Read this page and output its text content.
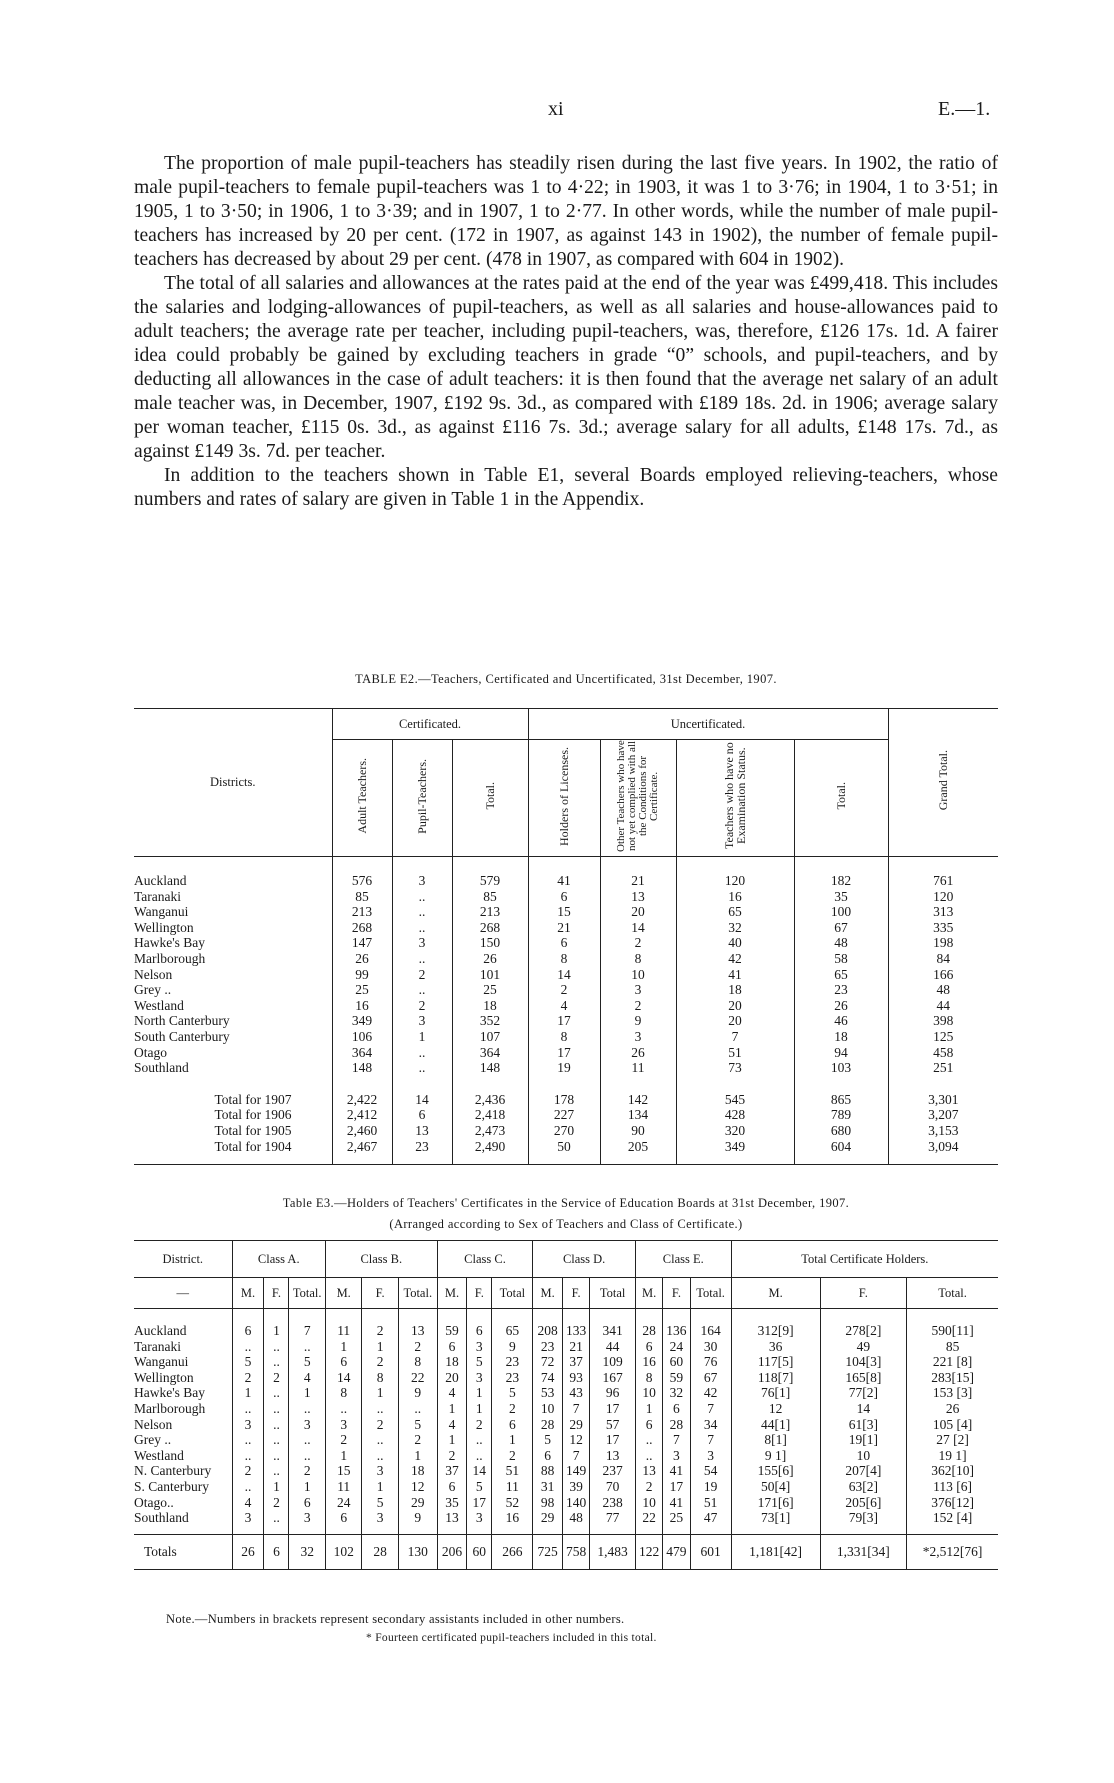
xi	E.—1.

The proportion of male pupil-teachers has steadily risen during the last five years. In 1902, the ratio of male pupil-teachers to female pupil-teachers was 1 to 4·22; in 1903, it was 1 to 3·76; in 1904, 1 to 3·51; in 1905, 1 to 3·50; in 1906, 1 to 3·39; and in 1907, 1 to 2·77. In other words, while the number of male pupil-teachers has increased by 20 per cent. (172 in 1907, as against 143 in 1902), the number of female pupil-teachers has decreased by about 29 per cent. (478 in 1907, as compared with 604 in 1902).

The total of all salaries and allowances at the rates paid at the end of the year was £499,418. This includes the salaries and lodging-allowances of pupil-teachers, as well as all salaries and house-allowances paid to adult teachers; the average rate per teacher, including pupil-teachers, was, therefore, £126 17s. 1d. A fairer idea could probably be gained by excluding teachers in grade “0” schools, and pupil-teachers, and by deducting all allowances in the case of adult teachers: it is then found that the average net salary of an adult male teacher was, in December, 1907, £192 9s. 3d., as compared with £189 18s. 2d. in 1906; average salary per woman teacher, £115 0s. 3d., as against £116 7s. 3d.; average salary for all adults, £148 17s. 7d., as against £149 3s. 7d. per teacher.

In addition to the teachers shown in Table E1, several Boards employed relieving-teachers, whose numbers and rates of salary are given in Table 1 in the Appendix.

TABLE E2.—Teachers, Certificated and Uncertificated, 31st December, 1907.
Districts.	Certificated.			Uncertificated.				Grand Total.
	Adult Teachers.	Pupil-Teachers.	Total.	Holders of Licenses.	Other Teachers who have not yet complied with all the Conditions for Certificate.	Teachers who have no Examination Status.	Total.	

Auckland	576	3	579	41	21	120	182	761
Taranaki	85	..	85	6	13	16	35	120
Wanganui	213	..	213	15	20	65	100	313
Wellington	268	..	268	21	14	32	67	335
Hawke's Bay	147	3	150	6	2	40	48	198
Marlborough	26	..	26	8	8	42	58	84
Nelson	99	2	101	14	10	41	65	166
Grey ..	25	..	25	2	3	18	23	48
Westland	16	2	18	4	2	20	26	44
North Canterbury	349	3	352	17	9	20	46	398
South Canterbury	106	1	107	8	3	7	18	125
Otago	364	..	364	17	26	51	94	458
Southland	148	..	148	19	11	73	103	251

Total for 1907	2,422	14	2,436	178	142	545	865	3,301
Total for 1906	2,412	6	2,418	227	134	428	789	3,207
Total for 1905	2,460	13	2,473	270	90	320	680	3,153
Total for 1904	2,467	23	2,490	50	205	349	604	3,094

Table E3.—Holders of Teachers' Certificates in the Service of Education Boards at 31st December, 1907.
(Arranged according to Sex of Teachers and Class of Certificate.)
District.	Class A.			Class B.			Class C.			Class D.			Class E.			Total Certificate Holders.		
—	M.	F.	Total.	M.	F.	Total.	M.	F.	Total	M.	F.	Total	M.	F.	Total.	M.	F.	Total.

Auckland	6	1	7	11	2	13	59	6	65	208	133	341	28	136	164	312[9]	278[2]	590[11]
Taranaki	..	..	..	1	1	2	6	3	9	23	21	44	6	24	30	36	49	85
Wanganui	5	..	5	6	2	8	18	5	23	72	37	109	16	60	76	117[5]	104[3]	221 [8]
Wellington	2	2	4	14	8	22	20	3	23	74	93	167	8	59	67	118[7]	165[8]	283[15]
Hawke's Bay	1	..	1	8	1	9	4	1	5	53	43	96	10	32	42	76[1]	77[2]	153 [3]
Marlborough	..	..	..	..	..	..	1	1	2	10	7	17	1	6	7	12	14	26
Nelson	3	..	3	3	2	5	4	2	6	28	29	57	6	28	34	44[1]	61[3]	105 [4]
Grey ..	..	..	..	2	..	2	1	..	1	5	12	17	..	7	7	8[1]	19[1]	27 [2]
Westland	..	..	..	1	..	1	2	..	2	6	7	13	..	3	3	9 1]	10	19 1]
N. Canterbury	2	..	2	15	3	18	37	14	51	88	149	237	13	41	54	155[6]	207[4]	362[10]
S. Canterbury	..	1	1	11	1	12	6	5	11	31	39	70	2	17	19	50[4]	63[2]	113 [6]
Otago..	4	2	6	24	5	29	35	17	52	98	140	238	10	41	51	171[6]	205[6]	376[12]
Southland	3	..	3	6	3	9	13	3	16	29	48	77	22	25	47	73[1]	79[3]	152 [4]

Totals	26	6	32	102	28	130	206	60	266	725	758	1,483	122	479	601	1,181[42]	1,331[34]	*2,512[76]
Note.—Numbers in brackets represent secondary assistants included in other numbers.
* Fourteen certificated pupil-teachers included in this total.
